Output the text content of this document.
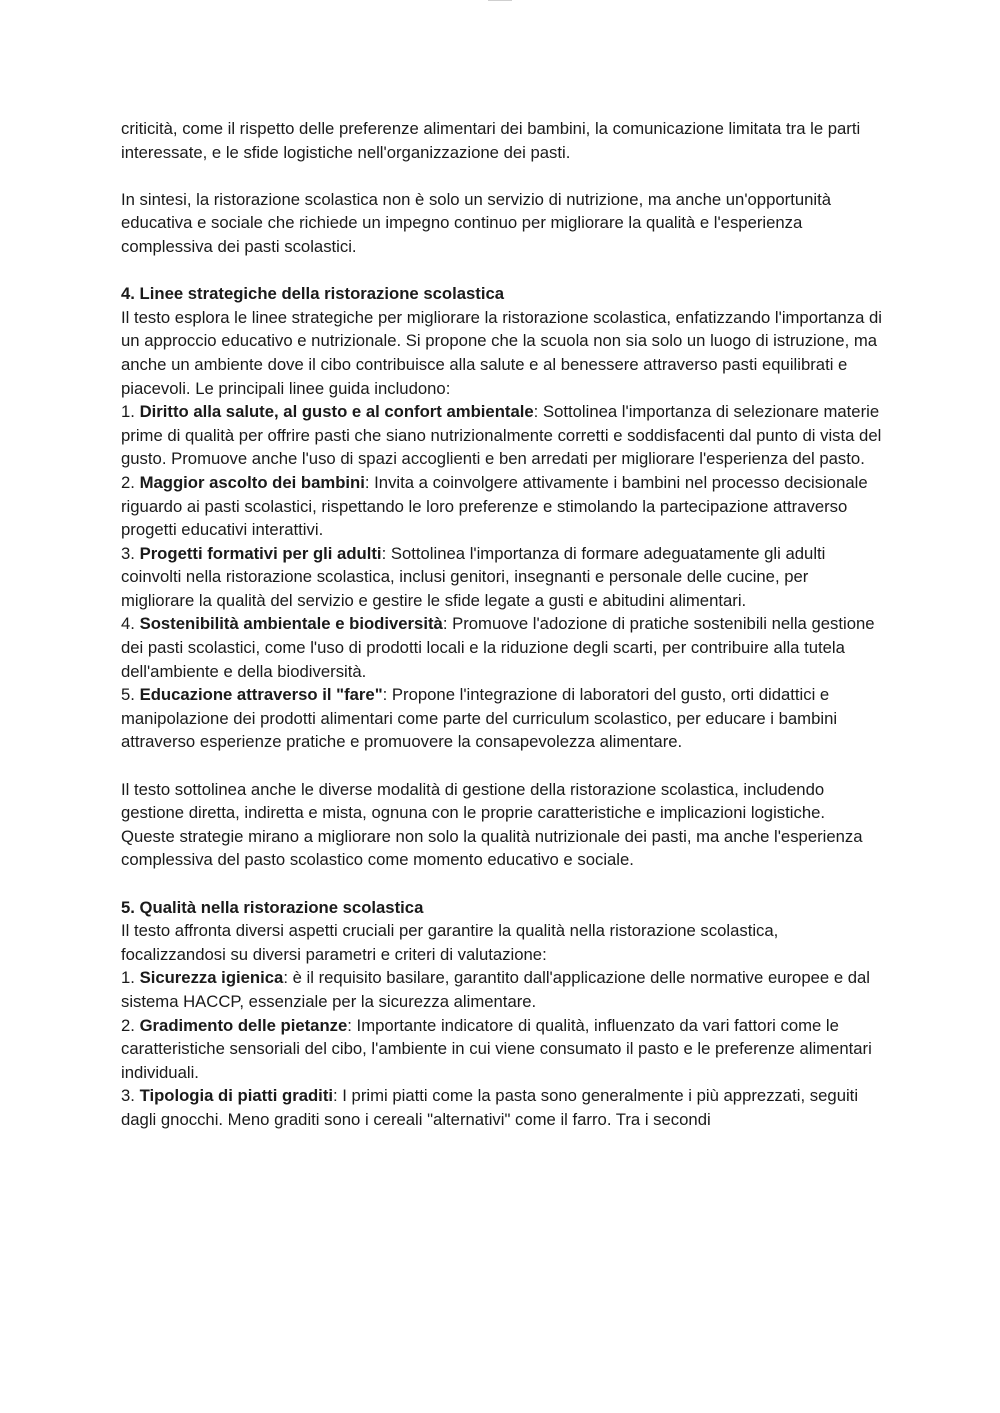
criticità, come il rispetto delle preferenze alimentari dei bambini, la comunicazione limitata tra le parti interessate, e le sfide logistiche nell'organizzazione dei pasti.

In sintesi, la ristorazione scolastica non è solo un servizio di nutrizione, ma anche un'opportunità educativa e sociale che richiede un impegno continuo per migliorare la qualità e l'esperienza complessiva dei pasti scolastici.

4. Linee strategiche della ristorazione scolastica

Il testo esplora le linee strategiche per migliorare la ristorazione scolastica, enfatizzando l'importanza di un approccio educativo e nutrizionale. Si propone che la scuola non sia solo un luogo di istruzione, ma anche un ambiente dove il cibo contribuisce alla salute e al benessere attraverso pasti equilibrati e piacevoli. Le principali linee guida includono:

1. Diritto alla salute, al gusto e al confort ambientale: Sottolinea l'importanza di selezionare materie prime di qualità per offrire pasti che siano nutrizionalmente corretti e soddisfacenti dal punto di vista del gusto. Promuove anche l'uso di spazi accoglienti e ben arredati per migliorare l'esperienza del pasto.

2. Maggior ascolto dei bambini: Invita a coinvolgere attivamente i bambini nel processo decisionale riguardo ai pasti scolastici, rispettando le loro preferenze e stimolando la partecipazione attraverso progetti educativi interattivi.

3. Progetti formativi per gli adulti: Sottolinea l'importanza di formare adeguatamente gli adulti coinvolti nella ristorazione scolastica, inclusi genitori, insegnanti e personale delle cucine, per migliorare la qualità del servizio e gestire le sfide legate a gusti e abitudini alimentari.

4. Sostenibilità ambientale e biodiversità: Promuove l'adozione di pratiche sostenibili nella gestione dei pasti scolastici, come l'uso di prodotti locali e la riduzione degli scarti, per contribuire alla tutela dell'ambiente e della biodiversità.

5. Educazione attraverso il "fare": Propone l'integrazione di laboratori del gusto, orti didattici e manipolazione dei prodotti alimentari come parte del curriculum scolastico, per educare i bambini attraverso esperienze pratiche e promuovere la consapevolezza alimentare.

Il testo sottolinea anche le diverse modalità di gestione della ristorazione scolastica, includendo gestione diretta, indiretta e mista, ognuna con le proprie caratteristiche e implicazioni logistiche. Queste strategie mirano a migliorare non solo la qualità nutrizionale dei pasti, ma anche l'esperienza complessiva del pasto scolastico come momento educativo e sociale.

5. Qualità nella ristorazione scolastica

Il testo affronta diversi aspetti cruciali per garantire la qualità nella ristorazione scolastica, focalizzandosi su diversi parametri e criteri di valutazione:

1. Sicurezza igienica: è il requisito basilare, garantito dall'applicazione delle normative europee e dal sistema HACCP, essenziale per la sicurezza alimentare.

2. Gradimento delle pietanze: Importante indicatore di qualità, influenzato da vari fattori come le caratteristiche sensoriali del cibo, l'ambiente in cui viene consumato il pasto e le preferenze alimentari individuali.

3. Tipologia di piatti graditi: I primi piatti come la pasta sono generalmente i più apprezzati, seguiti dagli gnocchi. Meno graditi sono i cereali "alternativi" come il farro. Tra i secondi
